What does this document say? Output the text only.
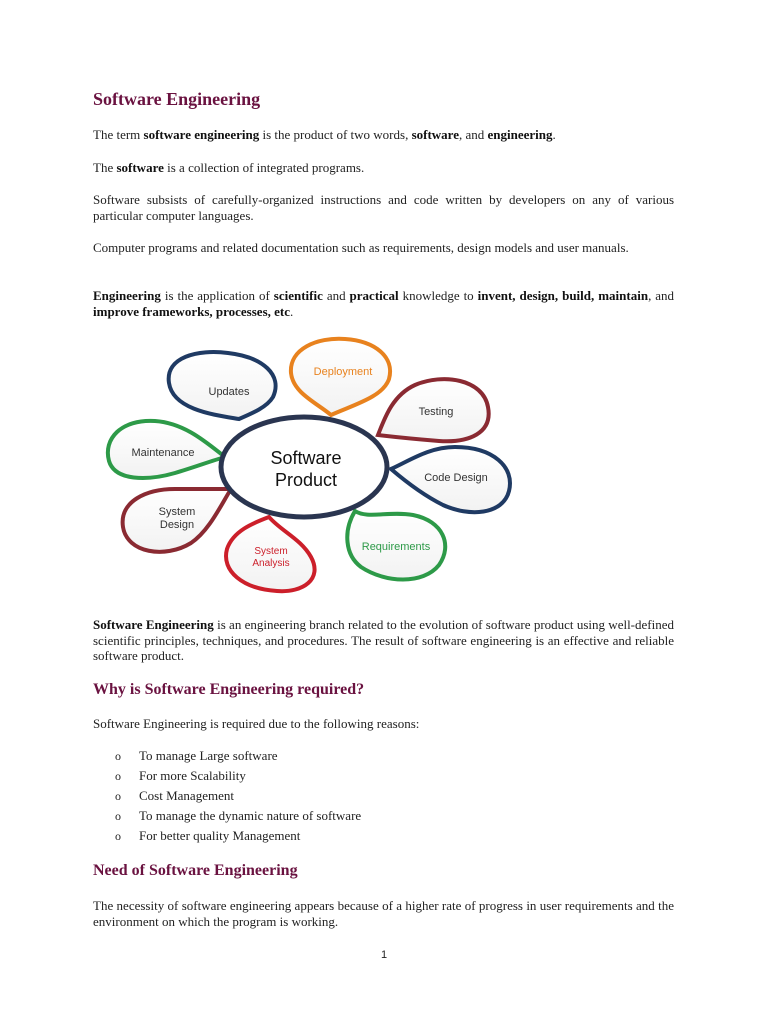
Software Engineering

The term software engineering is the product of two words, software, and engineering.

The software is a collection of integrated programs.

Software subsists of carefully-organized instructions and code written by developers on any of various particular computer languages.

Computer programs and related documentation such as requirements, design models and user manuals.

Engineering is the application of scientific and practical knowledge to invent, design, build, maintain, and improve frameworks, processes, etc.

Updates
Deployment
Testing
Code Design
Requirements
System
Analysis
System
Design
Maintenance	Software
Product

Software Engineering is an engineering branch related to the evolution of software product using well-defined scientific principles, techniques, and procedures. The result of software engineering is an effective and reliable software product.

Why is Software Engineering required?

Software Engineering is required due to the following reasons:

o To manage Large software
o For more Scalability
o Cost Management
o To manage the dynamic nature of software
o For better quality Management
Need of Software Engineering

The necessity of software engineering appears because of a higher rate of progress in user requirements and the environment on which the program is working.

1
